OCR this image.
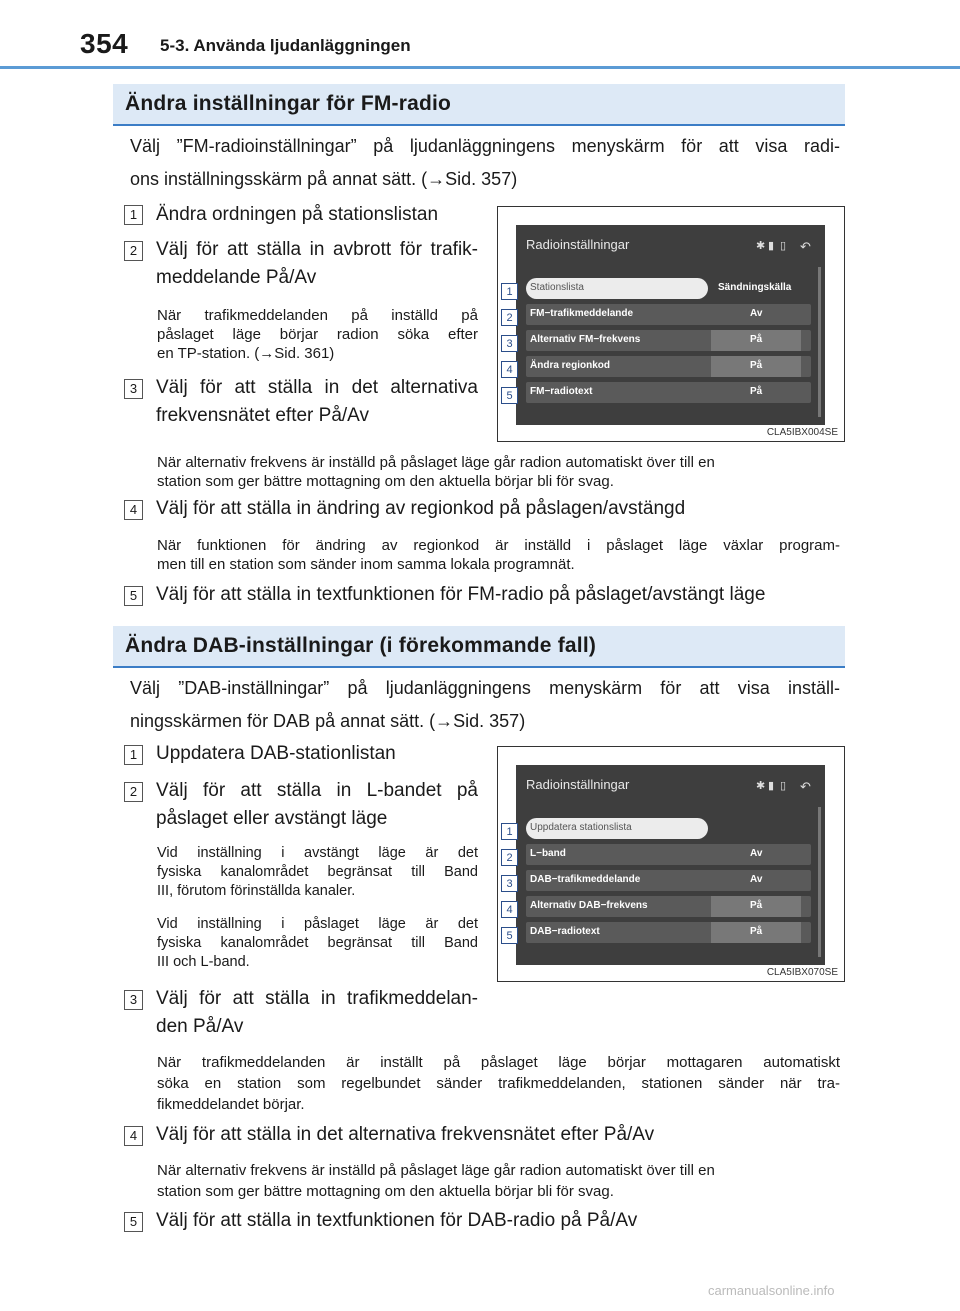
354 5-3. Använda ljudanläggningen
Ändra inställningar för FM-radio
Välj ”FM-radioinställningar” på ljudanläggningens menyskärm för att visa radi-
ons inställningsskärm på annat sätt. (→Sid. 357)
1 Ändra ordningen på stationslistan
2 Välj för att ställa in avbrott för trafik-
meddelande På/Av
När trafikmeddelanden på inställd på
påslaget läge börjar radion söka efter
en TP-station. (→Sid. 361)
3 Välj för att ställa in det alternativa
frekvensnätet efter På/Av
När alternativ frekvens är inställd på påslaget läge går radion automatiskt över till en
station som ger bättre mottagning om den aktuella börjar bli för svag.
4 Välj för att ställa in ändring av regionkod på påslagen/avstängd
När funktionen för ändring av regionkod är inställd i påslaget läge växlar program-
men till en station som sänder inom samma lokala programnät.
5 Välj för att ställa in textfunktionen för FM-radio på påslaget/avstängt läge
Radioinställningar	✱ ▮ ▯ ↶
Stationslista	Sändningskälla
FM−trafikmeddelande	Av
Alternativ FM−frekvens	På
Ändra regionkod	På
FM−radiotext	På
1
2
3
4
5
CLA5IBX004SE
Ändra DAB-inställningar (i förekommande fall)
Välj ”DAB-inställningar” på ljudanläggningens menyskärm för att visa inställ-
ningsskärmen för DAB på annat sätt. (→Sid. 357)
1 Uppdatera DAB-stationlistan
2 Välj för att ställa in L-bandet på
påslaget eller avstängt läge
Vid inställning i avstängt läge är det
fysiska kanalområdet begränsat till Band
III, förutom förinställda kanaler.
Vid inställning i påslaget läge är det
fysiska kanalområdet begränsat till Band
III och L-band.
3 Välj för att ställa in trafikmeddelan-
den På/Av
När trafikmeddelanden är inställt på påslaget läge börjar mottagaren automatiskt
söka en station som regelbundet sänder trafikmeddelanden, stationen sänder när tra-
fikmeddelandet börjar.
4 Välj för att ställa in det alternativa frekvensnätet efter På/Av
När alternativ frekvens är inställd på påslaget läge går radion automatiskt över till en
station som ger bättre mottagning om den aktuella börjar bli för svag.
5 Välj för att ställa in textfunktionen för DAB-radio på På/Av
Radioinställningar	✱ ▮ ▯ ↶
Uppdatera stationslista
L−band	Av
DAB−trafikmeddelande	Av
Alternativ DAB−frekvens	På
DAB−radiotext	På
1
2
3
4
5
CLA5IBX070SE
carmanualsonline.info
